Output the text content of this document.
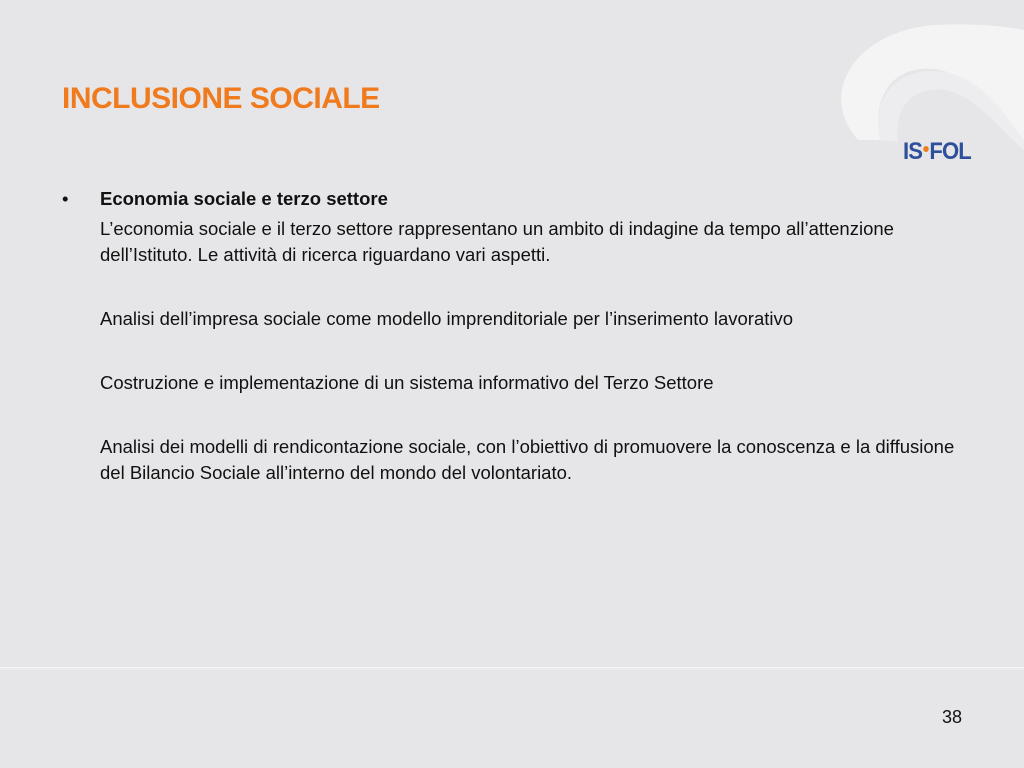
IS FOL
INCLUSIONE SOCIALE
• Economia sociale e terzo settore
L’economia sociale e il terzo settore rappresentano un ambito di indagine da tempo all’attenzione dell’Istituto. Le attività di ricerca riguardano vari aspetti.
Analisi dell’impresa sociale come modello imprenditoriale per l’inserimento lavorativo
Costruzione e implementazione di un sistema informativo del Terzo Settore
Analisi dei modelli di rendicontazione sociale, con l’obiettivo di promuovere la conoscenza e la diffusione del Bilancio Sociale all’interno del mondo del volontariato.
38
